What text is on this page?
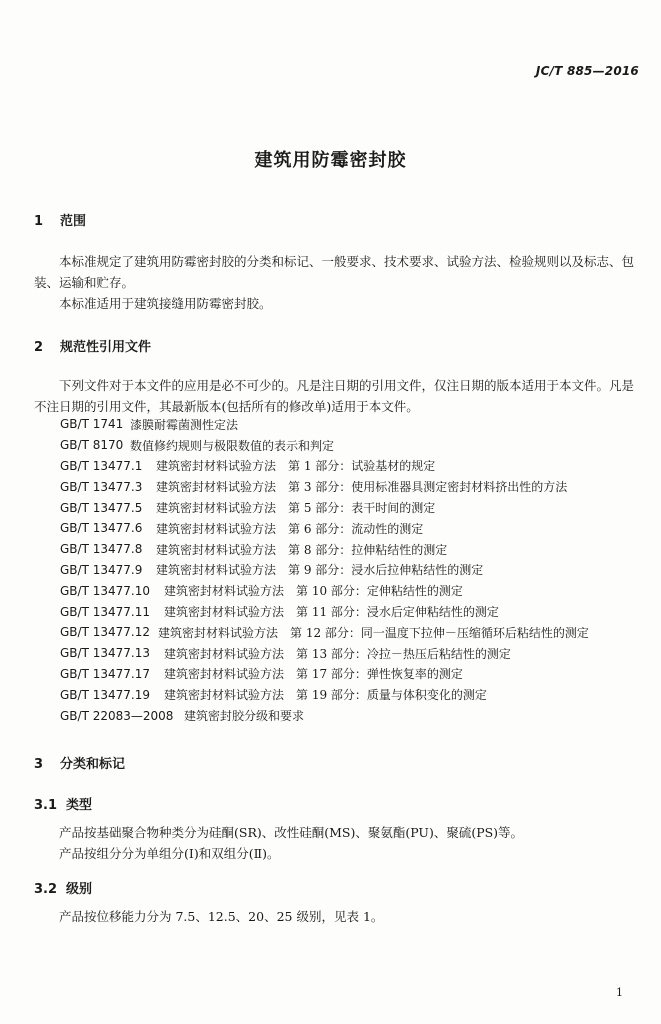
JC/T 885—2016
建筑用防霉密封胶
1 范围
本标准规定了建筑用防霉密封胶的分类和标记、一般要求、技术要求、试验方法、检验规则以及标志、包装、运输和贮存。
本标准适用于建筑接缝用防霉密封胶。
2 规范性引用文件
下列文件对于本文件的应用是必不可少的。凡是注日期的引用文件，仅注日期的版本适用于本文件。凡是不注日期的引用文件，其最新版本(包括所有的修改单)适用于本文件。
GB/T 1741 漆膜耐霉菌测性定法
GB/T 8170 数值修约规则与极限数值的表示和判定
GB/T 13477.1	建筑密封材料试验方法　第 1 部分：试验基材的规定
GB/T 13477.3	建筑密封材料试验方法　第 3 部分：使用标准器具测定密封材料挤出性的方法
GB/T 13477.5	建筑密封材料试验方法　第 5 部分：表干时间的测定
GB/T 13477.6	建筑密封材料试验方法　第 6 部分：流动性的测定
GB/T 13477.8	建筑密封材料试验方法　第 8 部分：拉伸粘结性的测定
GB/T 13477.9	建筑密封材料试验方法　第 9 部分：浸水后拉伸粘结性的测定
GB/T 13477.10	建筑密封材料试验方法　第 10 部分：定伸粘结性的测定
GB/T 13477.11	建筑密封材料试验方法　第 11 部分：浸水后定伸粘结性的测定
GB/T 13477.12 建筑密封材料试验方法　第 12 部分：同一温度下拉伸－压缩循环后粘结性的测定
GB/T 13477.13	建筑密封材料试验方法　第 13 部分：冷拉－热压后粘结性的测定
GB/T 13477.17	建筑密封材料试验方法　第 17 部分：弹性恢复率的测定
GB/T 13477.19	建筑密封材料试验方法　第 19 部分：质量与体积变化的测定
GB/T 22083—2008 建筑密封胶分级和要求
3 分类和标记
3.1 类型
产品按基础聚合物种类分为硅酮(SR)、改性硅酮(MS)、聚氨酯(PU)、聚硫(PS)等。
产品按组分分为单组分(Ⅰ)和双组分(Ⅱ)。
3.2 级别
产品按位移能力分为 7.5、12.5、20、25 级别，见表 1。
1
